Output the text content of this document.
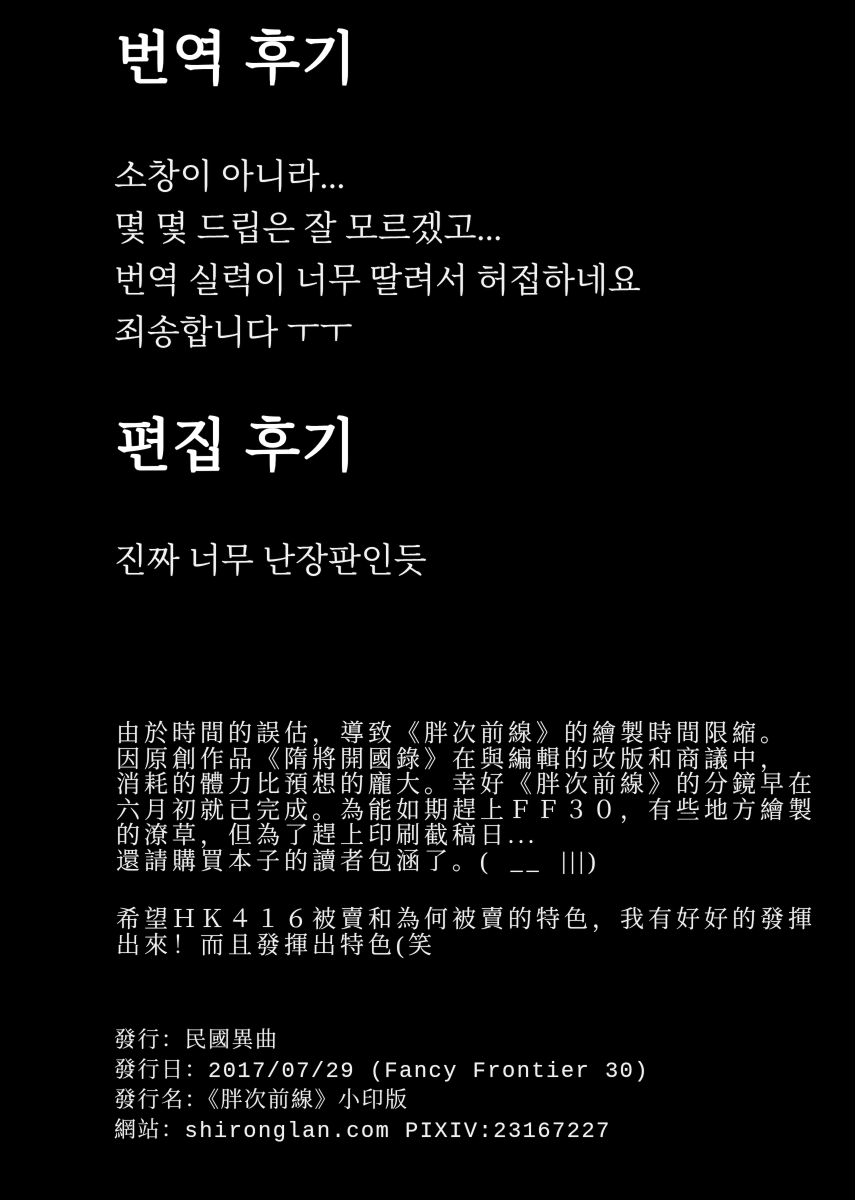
번역 후기
소창이 아니라...
몇 몇 드립은 잘 모르겠고...
번역 실력이 너무 딸려서 허접하네요
죄송합니다 ㅜㅜ
편집 후기
진짜 너무 난장판인듯
由於時間的誤估，導致《胖次前線》的繪製時間限縮。
因原創作品《隋將開國錄》在與編輯的改版和商議中，
消耗的體力比預想的龐大。幸好《胖次前線》的分鏡早在
六月初就已完成。為能如期趕上ＦＦ３０，有些地方繪製
的潦草，但為了趕上印刷截稿日...
還請購買本子的讀者包涵了。(゚__゚|||)
希望ＨＫ４１６被賣和為何被賣的特色，我有好好的發揮
出來！而且發揮出特色(笑
發行：民國異曲
發行日：2017/07/29 (Fancy Frontier 30)
發行名：《胖次前線》小印版
網站：shironglan.com PIXIV:23167227
